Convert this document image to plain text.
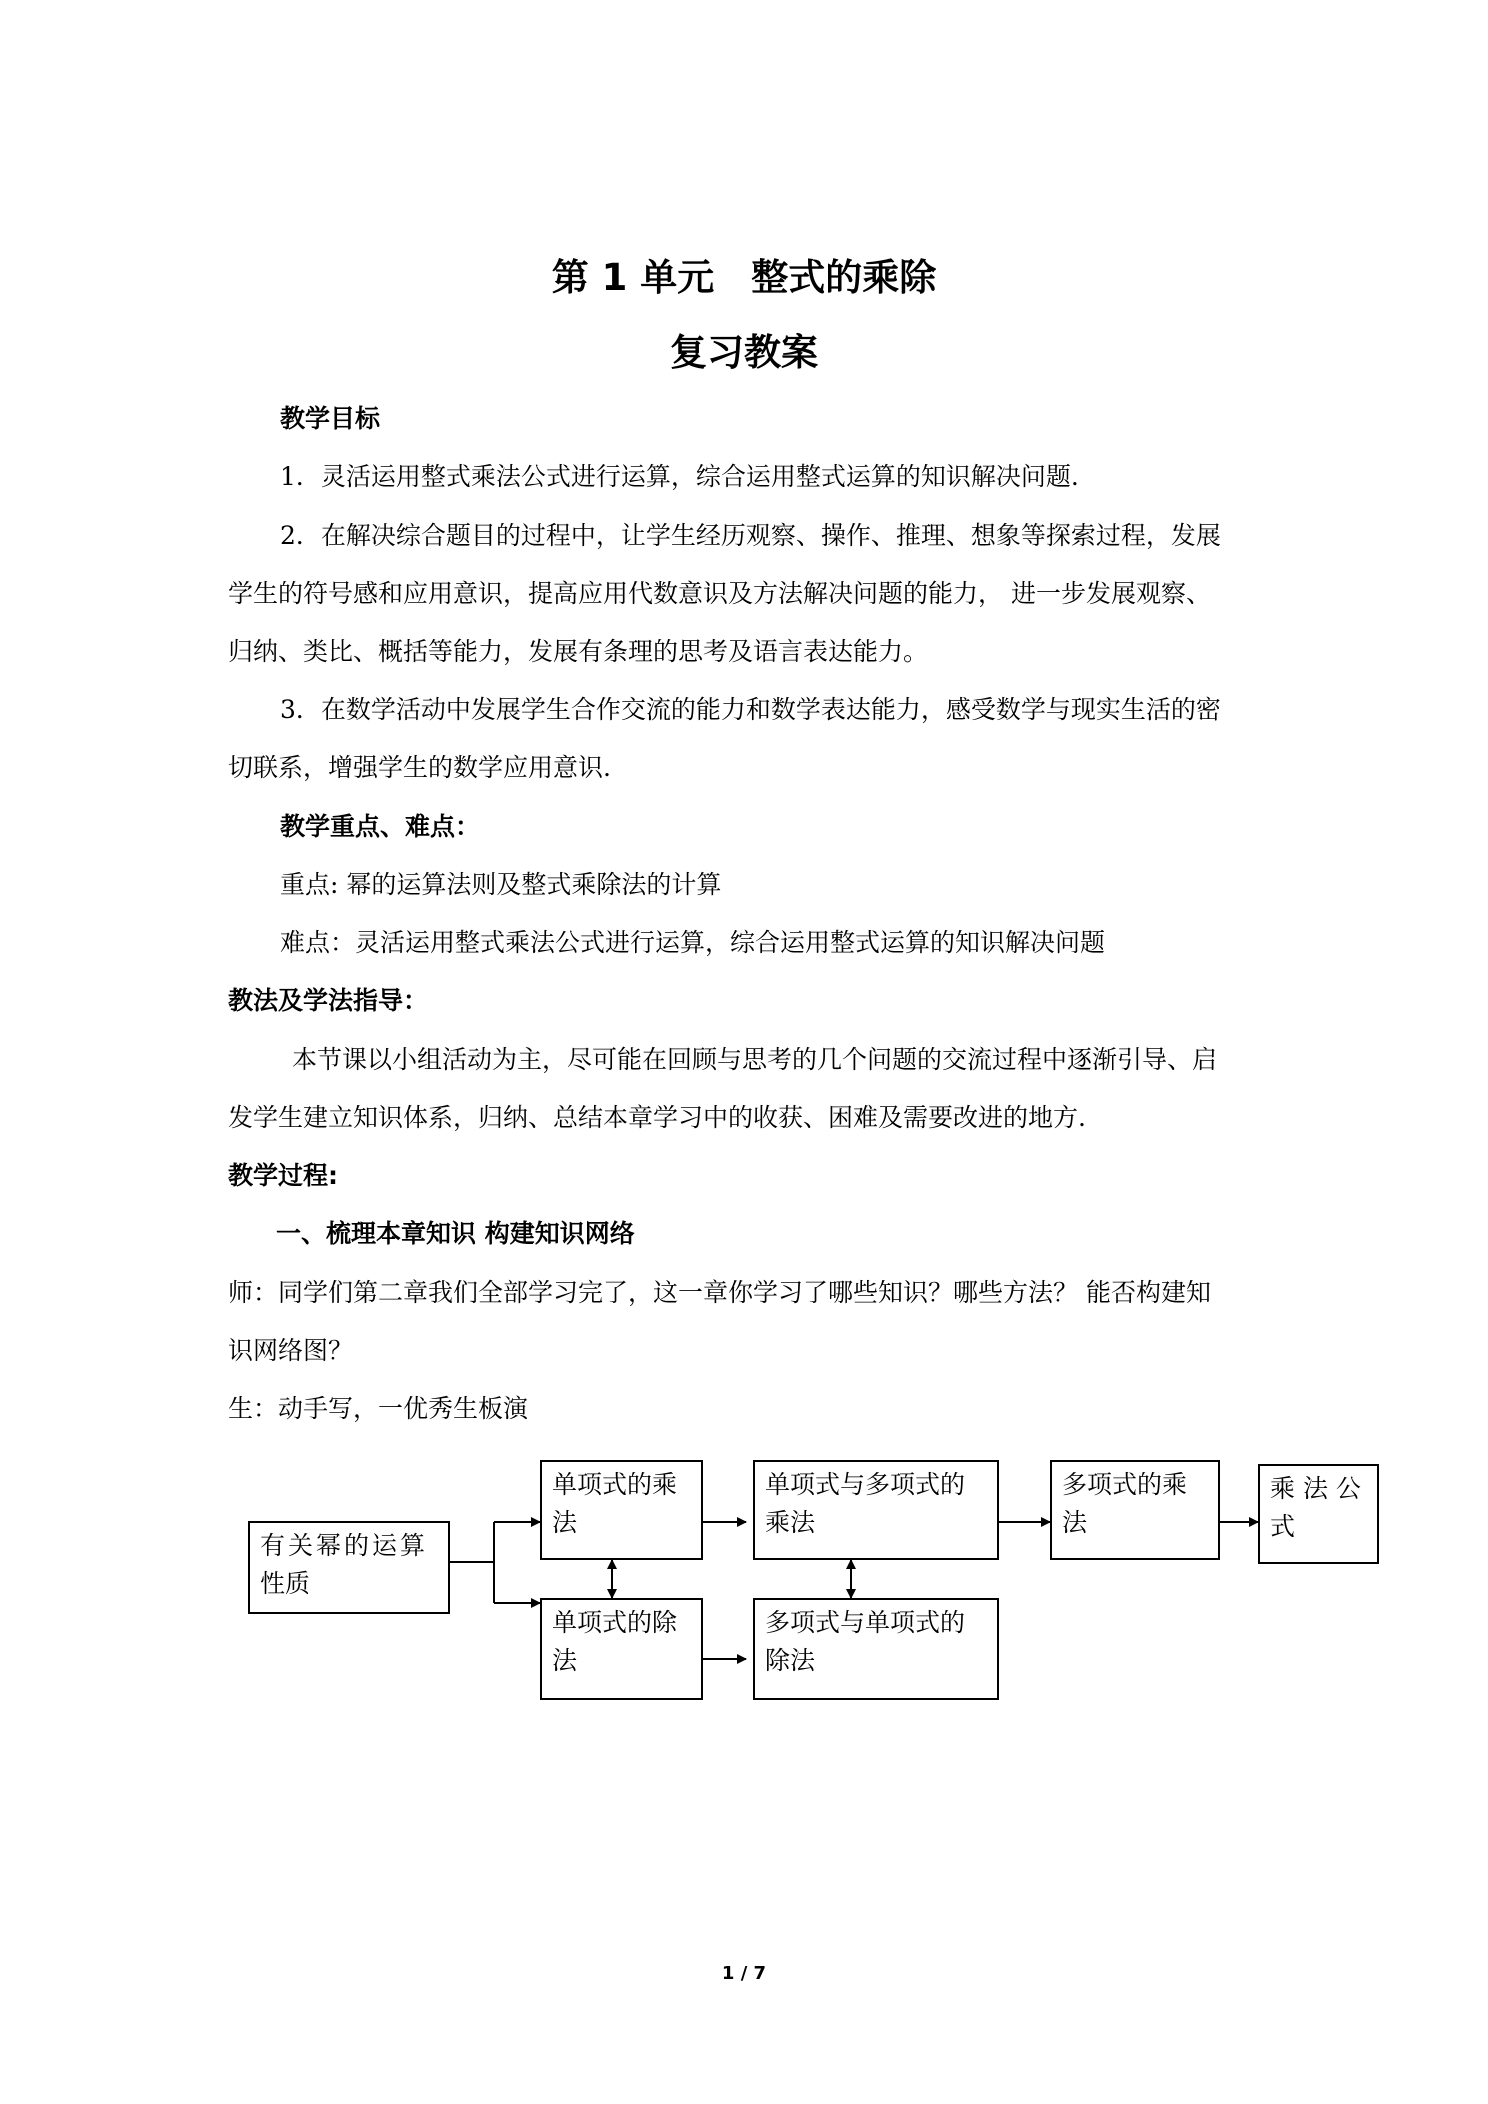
第 1 单元　整式的乘除
复习教案
教学目标
1．灵活运用整式乘法公式进行运算，综合运用整式运算的知识解决问题.
2．在解决综合题目的过程中，让学生经历观察、操作、推理、想象等探索过程，发展
学生的符号感和应用意识，提高应用代数意识及方法解决问题的能力， 进一步发展观察、
归纳、类比、概括等能力，发展有条理的思考及语言表达能力。
3．在数学活动中发展学生合作交流的能力和数学表达能力，感受数学与现实生活的密
切联系，增强学生的数学应用意识.
教学重点、难点：
重点: 幂的运算法则及整式乘除法的计算
难点：灵活运用整式乘法公式进行运算，综合运用整式运算的知识解决问题
教法及学法指导：
本节课以小组活动为主，尽可能在回顾与思考的几个问题的交流过程中逐渐引导、启
发学生建立知识体系，归纳、总结本章学习中的收获、困难及需要改进的地方.
教学过程:
一、梳理本章知识 构建知识网络
师：同学们第二章我们全部学习完了，这一章你学习了哪些知识？哪些方法？ 能否构建知
识网络图？
生：动手写，一优秀生板演
有关幂的运算
性质
单项式的乘
法
单项式的除
法
单项式与多项式的
乘法
多项式与单项式的
除法
多项式的乘
法
乘 法 公
式
1 / 7
